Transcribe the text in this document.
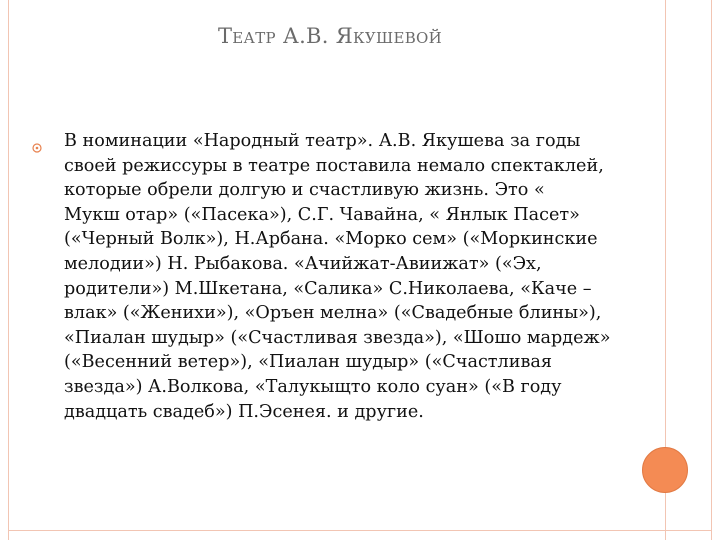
Театр А.В. Якушевой
В номинации «Народный театр». А.В. Якушева за годы
своей режиссуры в театре поставила немало спектаклей,
которые обрели долгую и счастливую жизнь. Это «
Мукш отар» («Пасека»), С.Г. Чавайна, « Янлык Пасет»
(«Черный Волк»), Н.Арбана. «Морко сем» («Моркинские
мелодии») Н. Рыбакова. «Ачийжат-Авиижат» («Эх,
родители») М.Шкетана, «Салика» С.Николаева, «Каче –
влак» («Женихи»), «Оръен мелна» («Свадебные блины»),
«Пиалан шудыр» («Счастливая звезда»), «Шошо мардеж»
(«Весенний ветер»), «Пиалан шудыр» («Счастливая
звезда») А.Волкова, «Талукыщто коло суан» («В году
двадцать свадеб») П.Эсенея. и другие.
